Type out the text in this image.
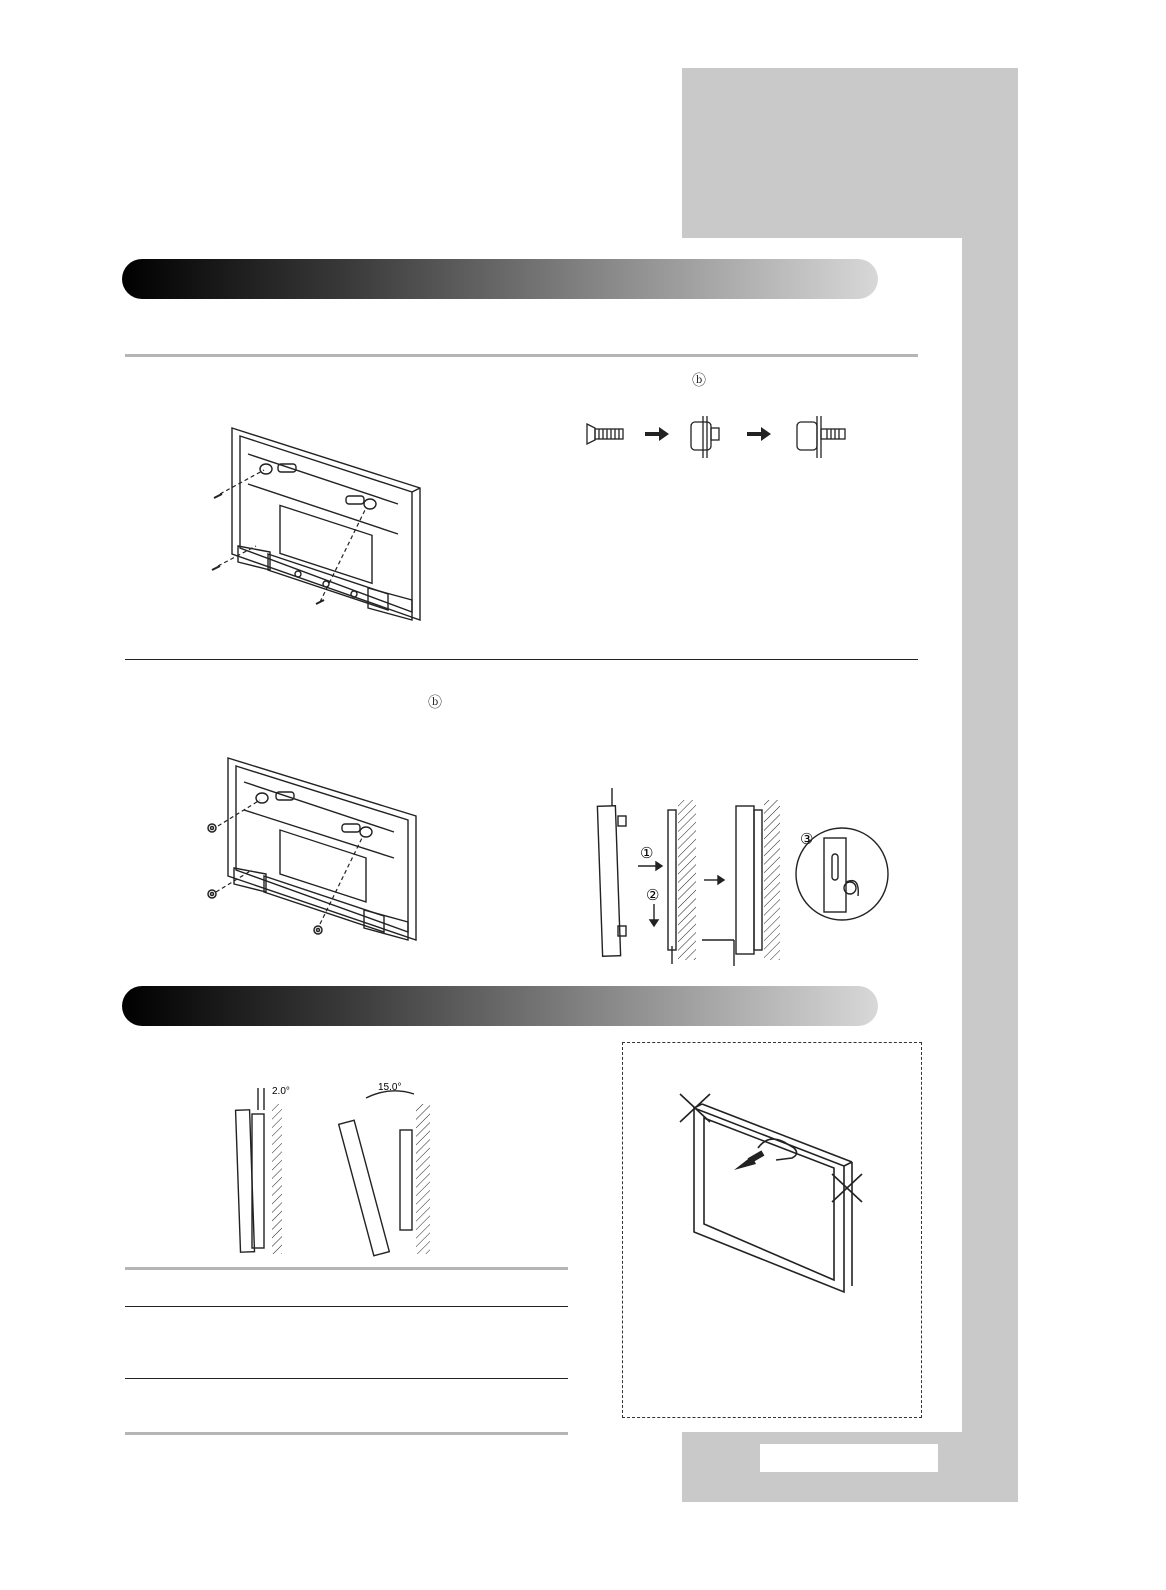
ⓑ
ⓑ
①
②
③
2.0°	15.0°
